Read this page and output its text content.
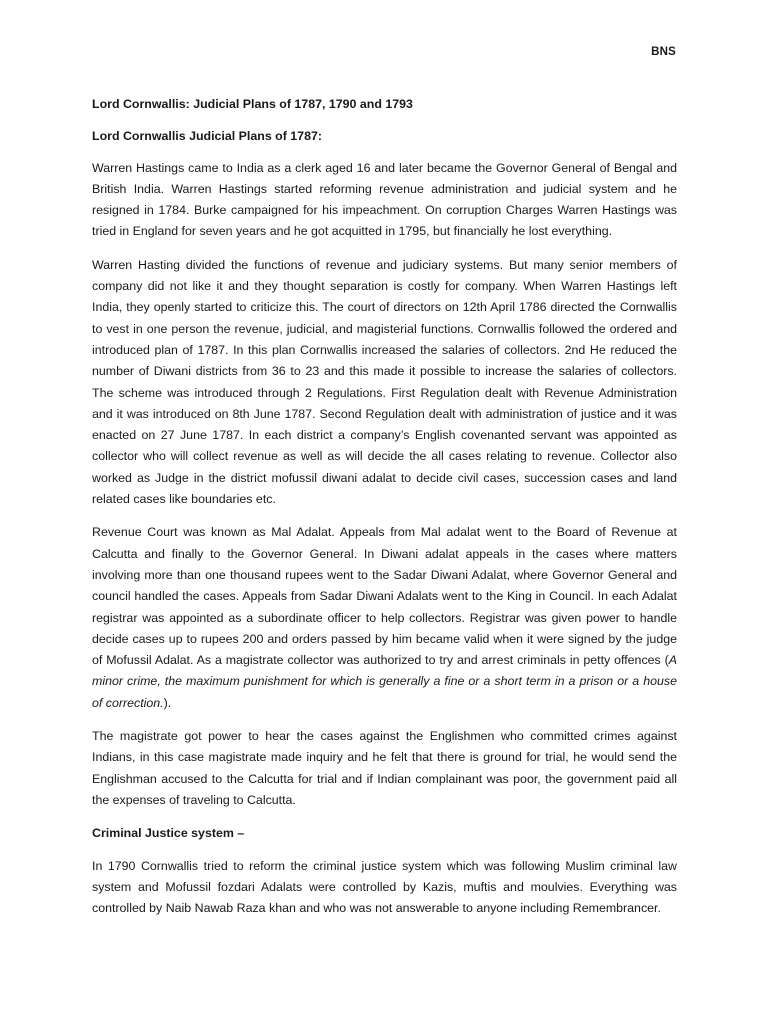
BNS
Lord Cornwallis: Judicial Plans of 1787, 1790 and 1793
Lord Cornwallis Judicial Plans of 1787:

Warren Hastings came to India as a clerk aged 16 and later became the Governor General of Bengal and British India. Warren Hastings started reforming revenue administration and judicial system and he resigned in 1784. Burke campaigned for his impeachment. On corruption Charges Warren Hastings was tried in England for seven years and he got acquitted in 1795, but financially he lost everything.

Warren Hasting divided the functions of revenue and judiciary systems. But many senior members of company did not like it and they thought separation is costly for company. When Warren Hastings left India, they openly started to criticize this. The court of directors on 12th April 1786 directed the Cornwallis to vest in one person the revenue, judicial, and magisterial functions. Cornwallis followed the ordered and introduced plan of 1787. In this plan Cornwallis increased the salaries of collectors. 2nd He reduced the number of Diwani districts from 36 to 23 and this made it possible to increase the salaries of collectors. The scheme was introduced through 2 Regulations. First Regulation dealt with Revenue Administration and it was introduced on 8th June 1787. Second Regulation dealt with administration of justice and it was enacted on 27 June 1787. In each district a company’s English covenanted servant was appointed as collector who will collect revenue as well as will decide the all cases relating to revenue. Collector also worked as Judge in the district mofussil diwani adalat to decide civil cases, succession cases and land related cases like boundaries etc.

Revenue Court was known as Mal Adalat. Appeals from Mal adalat went to the Board of Revenue at Calcutta and finally to the Governor General. In Diwani adalat appeals in the cases where matters involving more than one thousand rupees went to the Sadar Diwani Adalat, where Governor General and council handled the cases. Appeals from Sadar Diwani Adalats went to the King in Council. In each Adalat registrar was appointed as a subordinate officer to help collectors. Registrar was given power to handle decide cases up to rupees 200 and orders passed by him became valid when it were signed by the judge of Mofussil Adalat. As a magistrate collector was authorized to try and arrest criminals in petty offences (A minor crime, the maximum punishment for which is generally a fine or a short term in a prison or a house of correction.).

The magistrate got power to hear the cases against the Englishmen who committed crimes against Indians, in this case magistrate made inquiry and he felt that there is ground for trial, he would send the Englishman accused to the Calcutta for trial and if Indian complainant was poor, the government paid all the expenses of traveling to Calcutta.

Criminal Justice system –

In 1790 Cornwallis tried to reform the criminal justice system which was following Muslim criminal law system and Mofussil fozdari Adalats were controlled by Kazis, muftis and moulvies. Everything was controlled by Naib Nawab Raza khan and who was not answerable to anyone including Remembrancer.
